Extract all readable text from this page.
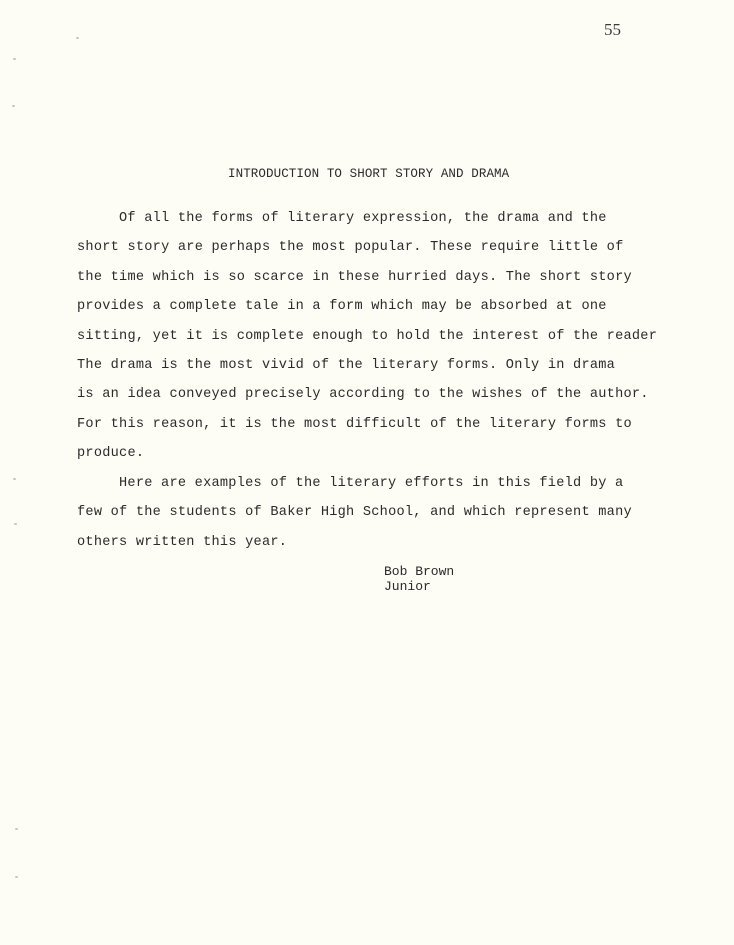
55
INTRODUCTION TO SHORT STORY AND DRAMA
Of all the forms of literary expression, the drama and the
short story are perhaps the most popular. These require little of
the time which is so scarce in these hurried days. The short story
provides a complete tale in a form which may be absorbed at one
sitting, yet it is complete enough to hold the interest of the reader
The drama is the most vivid of the literary forms. Only in drama
is an idea conveyed precisely according to the wishes of the author.
For this reason, it is the most difficult of the literary forms to
produce.
Here are examples of the literary efforts in this field by a
few of the students of Baker High School, and which represent many
others written this year.
Bob Brown
Junior
